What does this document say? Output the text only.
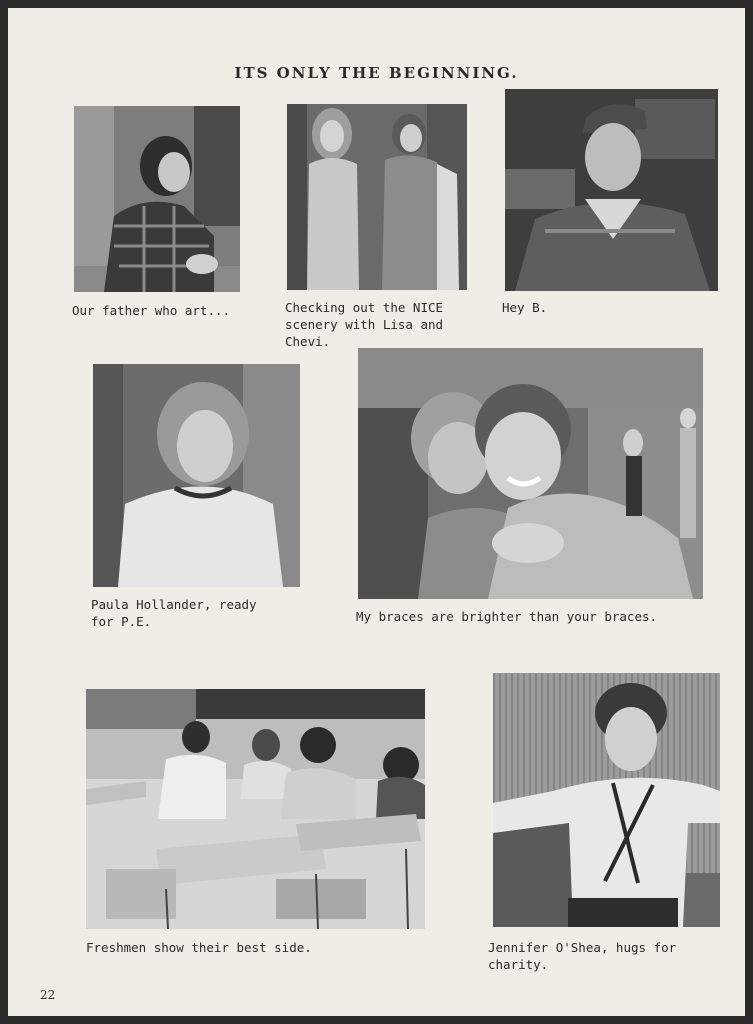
ITS ONLY THE BEGINNING.
Our father who art...	Checking out the NICE
scenery with Lisa and
Chevi.
Hey B.
Paula Hollander, ready
for P.E.	My braces are brighter than your braces.
Freshmen show their best side.	Jennifer O'Shea, hugs for
charity.
22
